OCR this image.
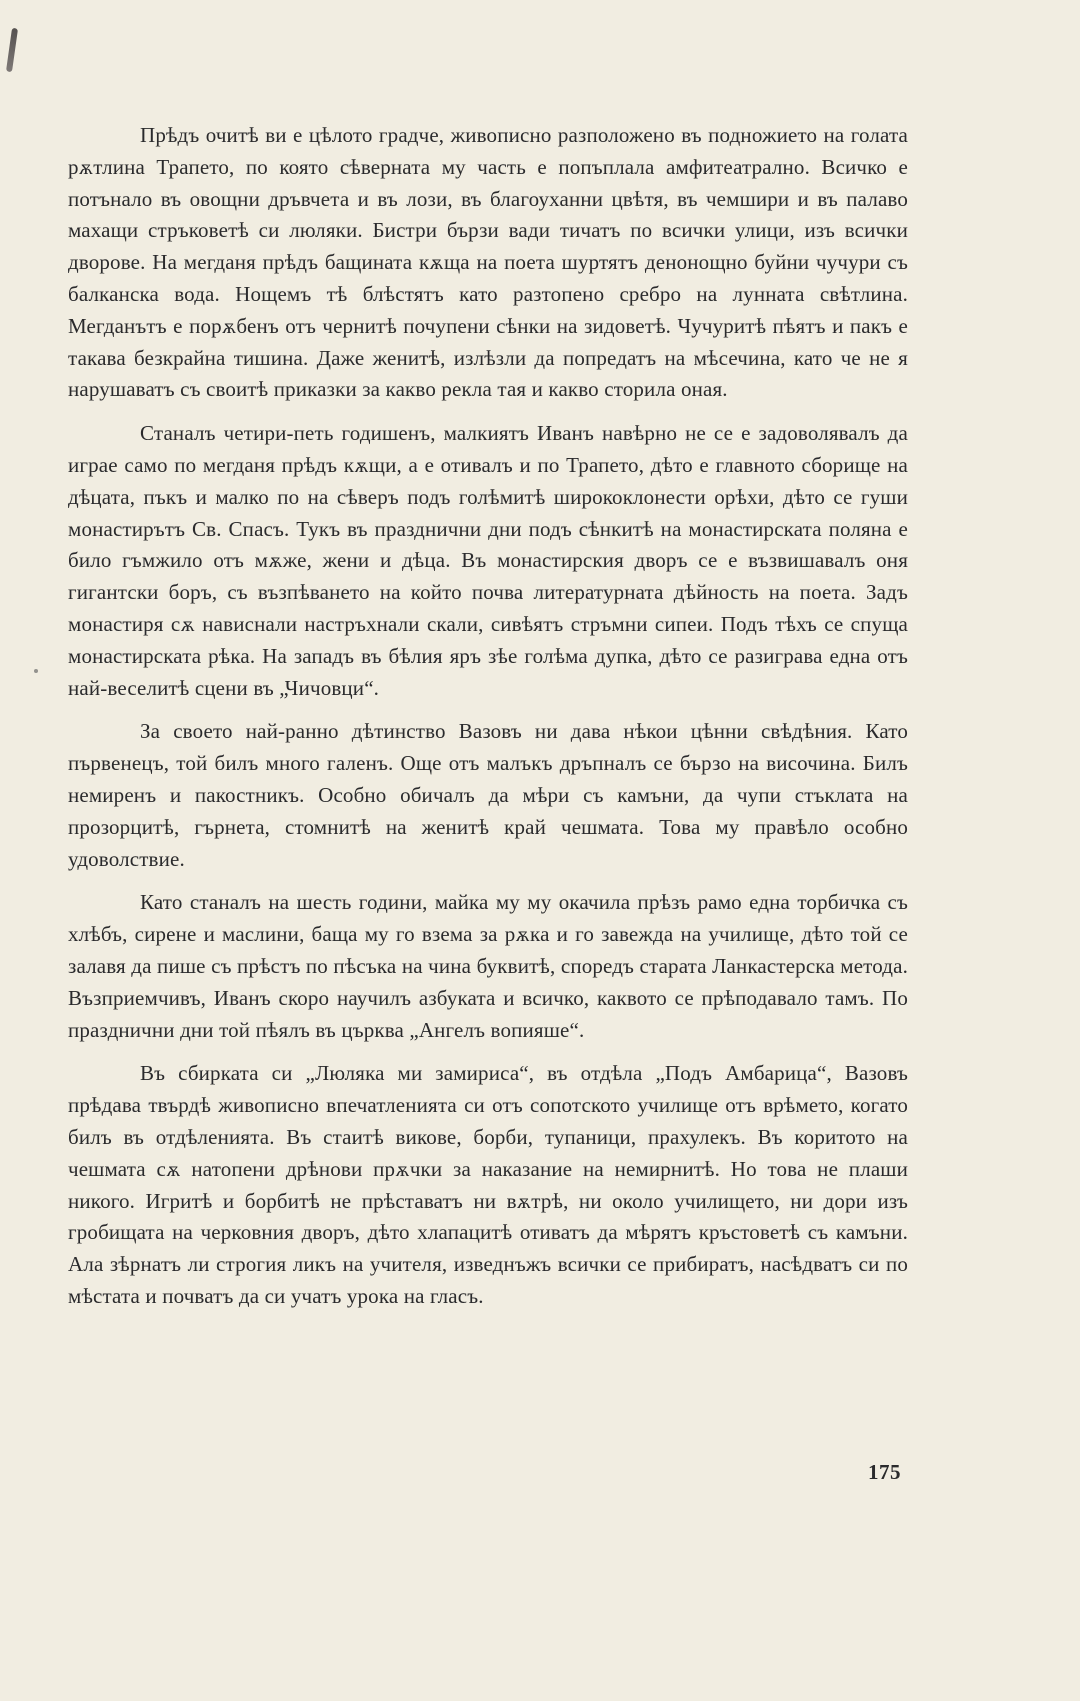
Прѣдъ очитѣ ви е цѣлото градче, живописно разположено въ подножието на голата рѫтлина Трапето, по която сѣверната му часть е попъплала амфитеатрално. Всичко е потънало въ овощни дръвчета и въ лози, въ благоуханни цвѣтя, въ чемшири и въ палаво махащи стръковетѣ си люляки. Бистри бързи вади тичатъ по всички улици, изъ всички дворове. На мегданя прѣдъ бащината кѫща на поета шуртятъ денонощно буйни чучури съ балканска вода. Нощемъ тѣ блѣстятъ като разтопено сребро на лунната свѣтлина. Мегданътъ е порѫбенъ отъ чернитѣ почупени сѣнки на зидоветѣ. Чучуритѣ пѣятъ и пакъ е такава безкрайна тишина. Даже женитѣ, излѣзли да попредатъ на мѣсечина, като че не я нарушаватъ съ своитѣ приказки за какво рекла тая и какво сторила оная.

Станалъ четири-петь годишенъ, малкиятъ Иванъ навѣрно не се е задоволявалъ да играе само по мегданя прѣдъ кѫщи, а е отивалъ и по Трапето, дѣто е главното сборище на дѣцата, пъкъ и малко по на сѣверъ подъ голѣмитѣ ширококлонести орѣхи, дѣто се гуши монастирътъ Св. Спасъ. Тукъ въ празднични дни подъ сѣнкитѣ на монастирската поляна е било гъмжило отъ мѫже, жени и дѣца. Въ монастирския дворъ се е възвишавалъ оня гигантски боръ, съ възпѣването на който почва литературната дѣйность на поета. Задъ монастиря сѫ нависнали настръхнали скали, сивѣятъ стръмни сипеи. Подъ тѣхъ се спуща монастирската рѣка. На западъ въ бѣлия яръ зѣе голѣма дупка, дѣто се разиграва една отъ най-веселитѣ сцени въ „Чичовци“.

За своето най-ранно дѣтинство Вазовъ ни дава нѣкои цѣнни свѣдѣния. Като първенецъ, той билъ много галенъ. Още отъ малъкъ дръпналъ се бързо на височина. Билъ немиренъ и пакостникъ. Особно обичалъ да мѣри съ камъни, да чупи стъклата на прозорцитѣ, гърнета, стомнитѣ на женитѣ край чешмата. Това му правѣло особно удоволствие.

Като станалъ на шесть години, майка му му окачила прѣзъ рамо една торбичка съ хлѣбъ, сирене и маслини, баща му го взема за рѫка и го завежда на училище, дѣто той се залавя да пише съ прѣстъ по пѣсъка на чина буквитѣ, споредъ старата Ланкастерска метода. Възприемчивъ, Иванъ скоро научилъ азбуката и всичко, каквото се прѣподавало тамъ. По празднични дни той пѣялъ въ църква „Ангелъ вопияше“.

Въ сбирката си „Люляка ми замириса“, въ отдѣла „Подъ Амбарица“, Вазовъ прѣдава твърдѣ живописно впечатленията си отъ сопотското училище отъ врѣмето, когато билъ въ отдѣленията. Въ стаитѣ викове, борби, тупаници, прахулекъ. Въ коритото на чешмата сѫ натопени дрѣнови прѫчки за наказание на немирнитѣ. Но това не плаши никого. Игритѣ и борбитѣ не прѣставатъ ни вѫтрѣ, ни около училището, ни дори изъ гробищата на черковния дворъ, дѣто хлапацитѣ отиватъ да мѣрятъ кръстоветѣ съ камъни. Ала зѣрнатъ ли строгия ликъ на учителя, изведнъжъ всички се прибиратъ, насѣдватъ си по мѣстата и почватъ да си учатъ урока на гласъ.

175
